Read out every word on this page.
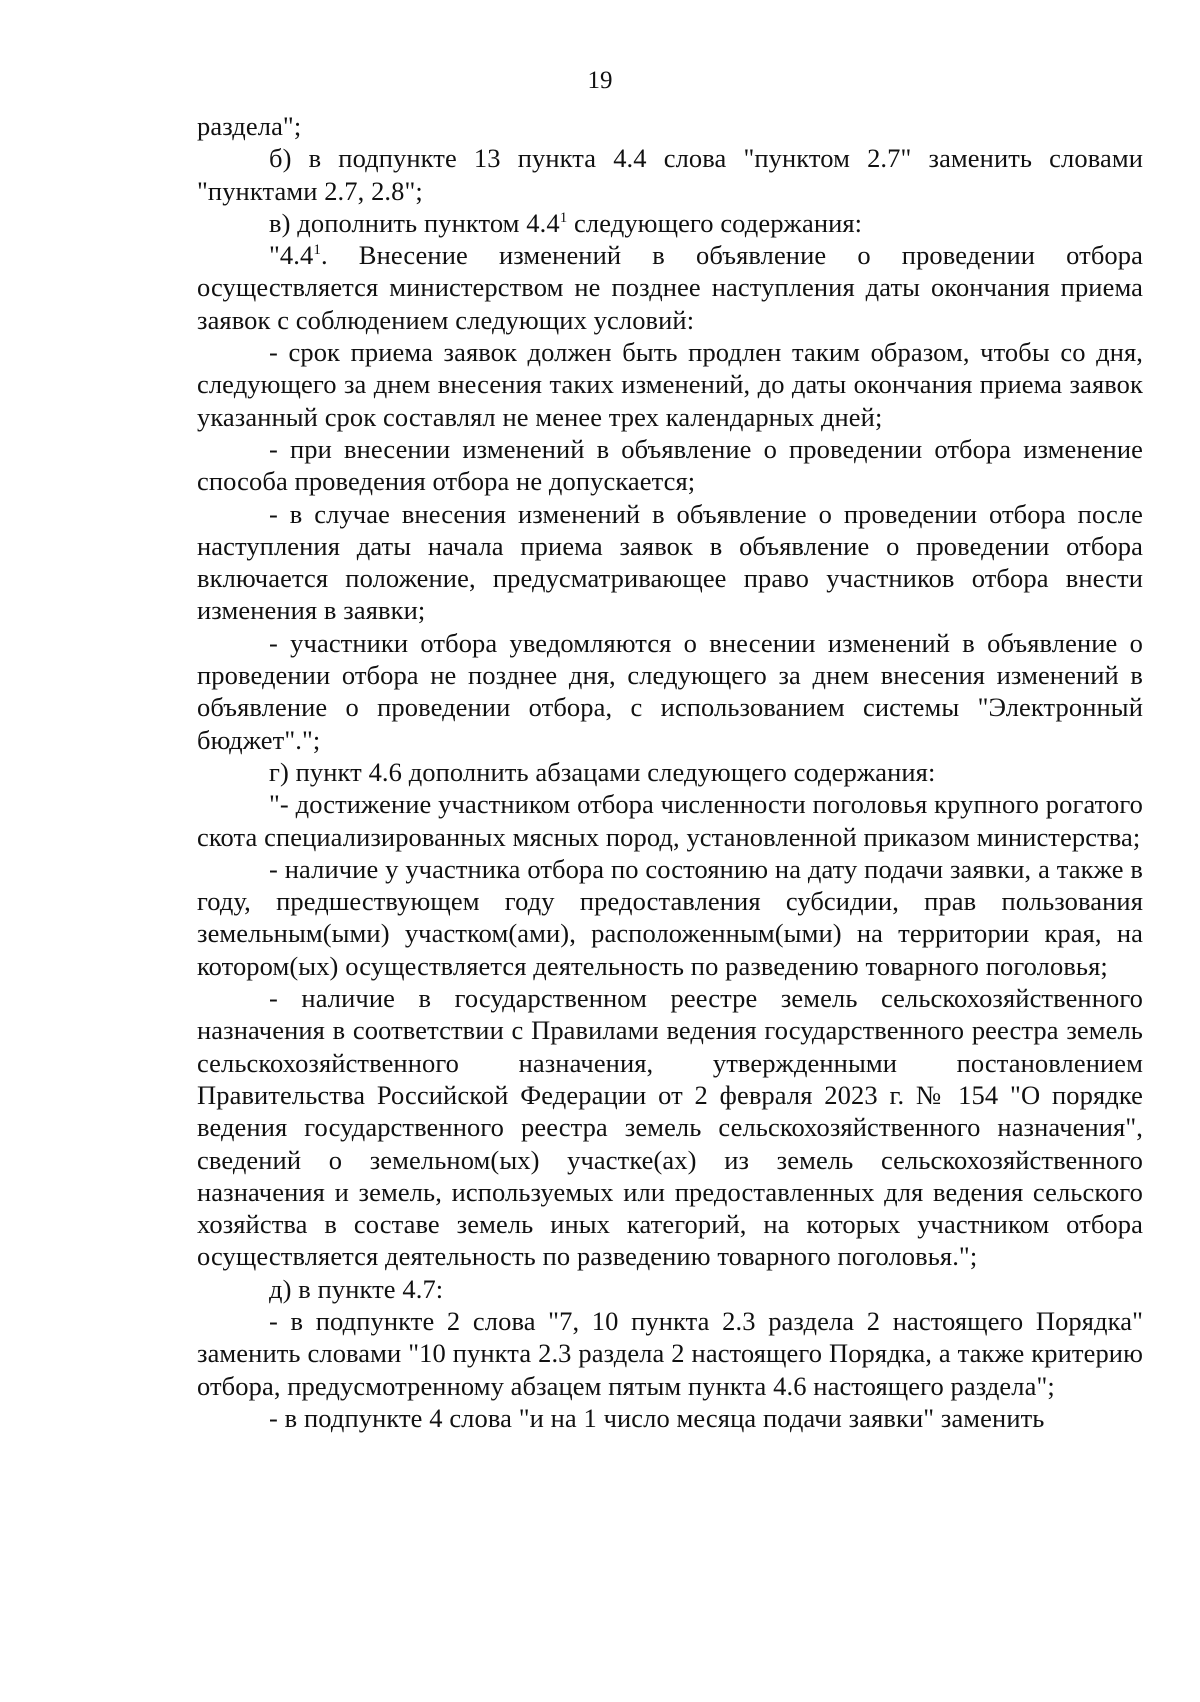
19

раздела";

б) в подпункте 13 пункта 4.4 слова "пунктом 2.7" заменить словами "пунктами 2.7, 2.8";

в) дополнить пунктом $4.4^1$ следующего содержания:

"$4.4^1$. Внесение изменений в объявление о проведении отбора осуществляется министерством не позднее наступления даты окончания приема заявок с соблюдением следующих условий:

- срок приема заявок должен быть продлен таким образом, чтобы со дня, следующего за днем внесения таких изменений, до даты окончания приема заявок указанный срок составлял не менее трех календарных дней;

- при внесении изменений в объявление о проведении отбора изменение способа проведения отбора не допускается;

- в случае внесения изменений в объявление о проведении отбора после наступления даты начала приема заявок в объявление о проведении отбора включается положение, предусматривающее право участников отбора внести изменения в заявки;

- участники отбора уведомляются о внесении изменений в объявление о проведении отбора не позднее дня, следующего за днем внесения изменений в объявление о проведении отбора, с использованием системы "Электронный бюджет".";

г) пункт 4.6 дополнить абзацами следующего содержания:

"- достижение участником отбора численности поголовья крупного рогатого скота специализированных мясных пород, установленной приказом министерства;

- наличие у участника отбора по состоянию на дату подачи заявки, а также в году, предшествующем году предоставления субсидии, прав пользования земельным(ыми) участком(ами), расположенным(ыми) на территории края, на котором(ых) осуществляется деятельность по разведению товарного поголовья;

- наличие в государственном реестре земель сельскохозяйственного назначения в соответствии с Правилами ведения государственного реестра земель сельскохозяйственного назначения, утвержденными постановлением Правительства Российской Федерации от 2 февраля 2023 г. № 154 "О порядке ведения государственного реестра земель сельскохозяйственного назначения", сведений о земельном(ых) участке(ах) из земель сельскохозяйственного назначения и земель, используемых или предоставленных для ведения сельского хозяйства в составе земель иных категорий, на которых участником отбора осуществляется деятельность по разведению товарного поголовья.";

д) в пункте 4.7:

- в подпункте 2 слова "7, 10 пункта 2.3 раздела 2 настоящего Порядка" заменить словами "10 пункта 2.3 раздела 2 настоящего Порядка, а также критерию отбора, предусмотренному абзацем пятым пункта 4.6 настоящего раздела";

- в подпункте 4 слова "и на 1 число месяца подачи заявки" заменить
